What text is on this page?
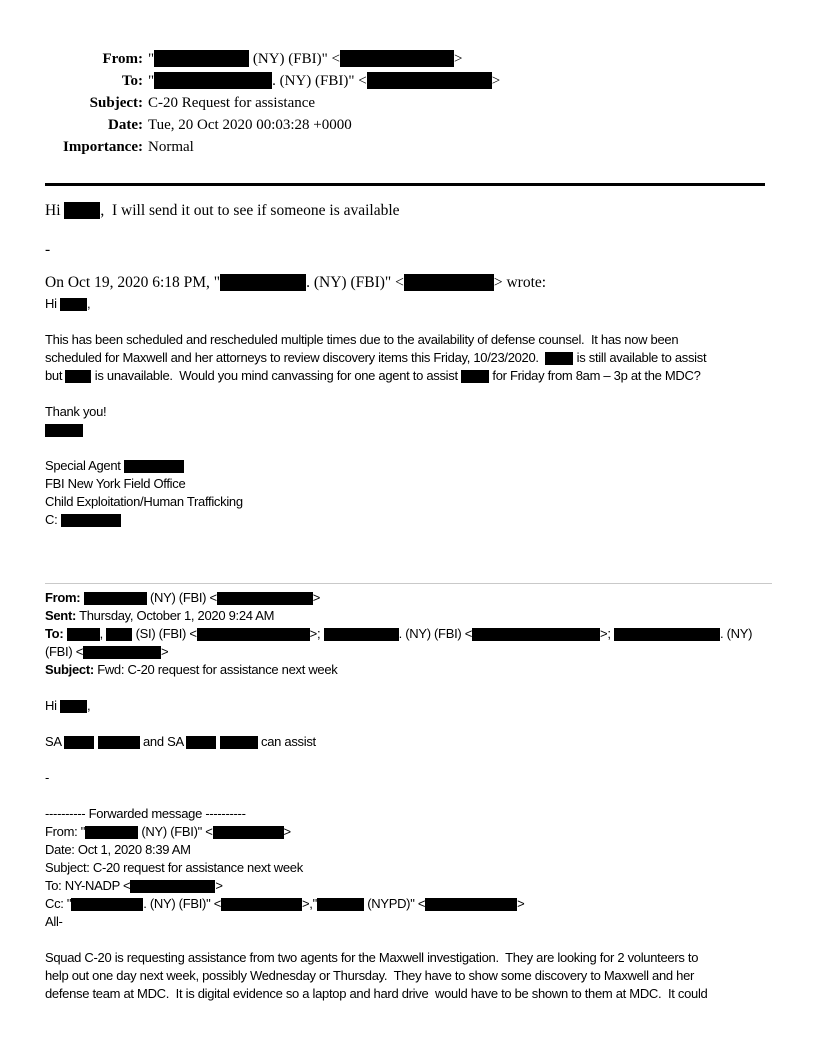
From: "	(NY) (FBI)" <	>
To: "	. (NY) (FBI)" <	>
Subject: C-20 Request for assistance
Date: Tue, 20 Oct 2020 00:03:28 +0000
Importance: Normal
Hi ,  I will send it out to see if someone is available
-
On Oct 19, 2020 6:18 PM, "	. (NY) (FBI)" <	> wrote:
Hi ,
This has been scheduled and rescheduled multiple times due to the availability of defense counsel.  It has now been
scheduled for Maxwell and her attorneys to review discovery items this Friday, 10/23/2020.   is still available to assist
but  is unavailable.  Would you mind canvassing for one agent to assist  for Friday from 8am – 3p at the MDC?
Thank you!
Special Agent
FBI New York Field Office
Child Exploitation/Human Trafficking
C:
From:	(NY) (FBI) <	>
Sent: Thursday, October 1, 2020 9:24 AM
To:	,  (SI) (FBI) <	>;	. (NY) (FBI) <	>;	. (NY)
(FBI) <	>
Subject: Fwd: C-20 request for assistance next week
Hi ,
SA	and SA	can assist
-
---------- Forwarded message ----------
From: "	(NY) (FBI)" <	>
Date: Oct 1, 2020 8:39 AM
Subject: C-20 request for assistance next week
To: NY-NADP <	>
Cc: "	. (NY) (FBI)" <	>,"	(NYPD)" <	>
All-
Squad C-20 is requesting assistance from two agents for the Maxwell investigation.  They are looking for 2 volunteers to
help out one day next week, possibly Wednesday or Thursday.  They have to show some discovery to Maxwell and her
defense team at MDC.  It is digital evidence so a laptop and hard drive  would have to be shown to them at MDC.  It could
